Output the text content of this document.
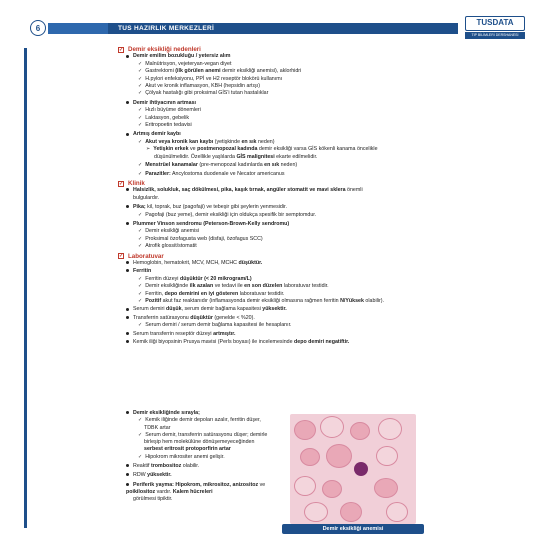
6	TUS HAZIRLIK MERKEZLERİ
TUSDATA
TIP BİLİMLERİ DERSHANESİ
✓ Demir eksikliği nedenleri
Demir emilim bozukluğu / yetersiz alım
✓ Malnütrisyon, vejeteryan-vegan diyet
✓ Gastrektomi (ilk görülen anemi demir eksikliği anemisi), aklorhidri
✓ H.pylori enfeksiyonu, PPİ ve H2 reseptör blokörü kullanımı
✓ Akut ve kronik inflamasyon, KBH (hepsidin artışı)
✓ Çölyak hastalığı gibi proksimal GİS'i tutan hastalıklar
Demir ihtiyacının artması
✓ Hızlı büyüme dönemleri
✓ Laktasyon, gebelik
✓ Eritropoetin tedavisi
Artmış demir kaybı
✓ Akut veya kronik kan kaybı (yetişkinde en sık neden)
➢ Yetişkin erkek ve postmenopozal kadında demir eksikliği varsa GİS kökenli kanama öncelikle
düşünülmelidir. Özellikle yaşlılarda GİS malignitesi ekarte edilmelidir.
✓ Menstrüel kanamalar (pre-menopozal kadınlarda en sık neden)
✓ Parazitler: Ancylostoma duodenale ve Necator americanus
✓ Klinik
Halsizlik, solukluk, saç dökülmesi, pika, kaşık tırnak, angüler stomatit ve mavi sklera önemli
bulgulardır.
Pika; kil, toprak, buz (pagofaji) ve tebeşir gibi şeylerin yenmesidir.
✓ Pagofaji (buz yeme), demir eksikliği için oldukça spesifik bir semptomdur.
Plummer Vinson sendromu (Peterson-Brown-Kelly sendromu)
✓ Demir eksikliği anemisi
✓ Proksimal özofagusta web (disfaji, özofagus SCC)
✓ Atrofik glossit/stomatit
✓ Laboratuvar
Hemoglobin, hematokrit, MCV, MCH, MCHC düşüktür.
Ferritin
✓ Ferritin düzeyi düşüktür (< 20 mikrogram/L)
✓ Demir eksikliğinde ilk azalan ve tedavi ile en son düzelen laboratuvar testidir.
✓ Ferritin, depo demirini en iyi gösteren laboratuvar testidir.
✓ Pozitif akut faz reaktanıdır (inflamasyonda demir eksikliği olmasına rağmen ferritin N/Yüksek olabilir).
Serum demiri düşük, serum demir bağlama kapasitesi yüksektir.
Transferrin satürasyonu düşüktür (genelde < %20).
✓ Serum demiri / serum demir bağlama kapasitesi ile hesaplanır.
Serum transferrin reseptör düzeyi artmıştır.
Kemik iliği biyopsinin Prusya mavisi (Perls boyası) ile incelemesinde depo demiri negatiftir.
Demir eksikliğinde sırayla;
✓ Kemik iliğinde demir depoları azalır, ferritin düşer,
TDBK artar
✓ Serum demir, transferrin satürasyonu düşer; demirle
birleşip hem molekülüne dönüşemeyeceğinden
serbest eritrosit protoporfirin artar
✓ Hipokrom mikrositer anemi gelişir.
Reaktif trombositoz olabilir.
RDW yüksektir.
Periferik yayma: Hipokrom, mikrositoz, anizositoz ve poikilositoz vardır. Kalem hücreleri
görülmesi tipiktir.
Demir eksikliği anemisi
